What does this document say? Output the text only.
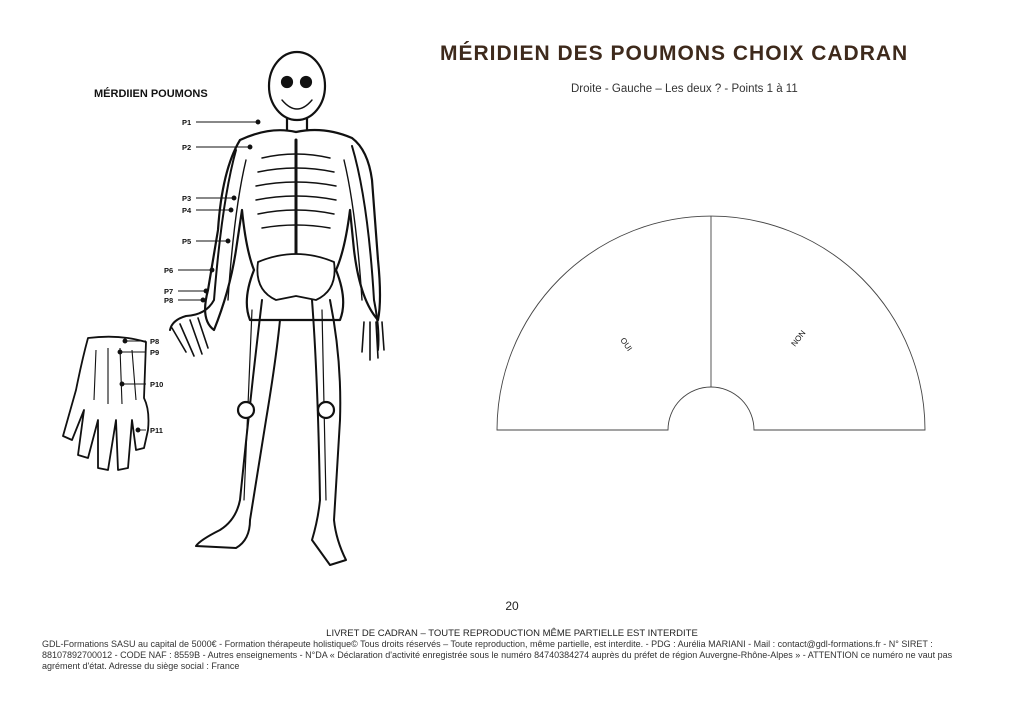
MÉRIDIEN DES POUMONS CHOIX CADRAN
Droite - Gauche – Les deux ? - Points 1 à 11
MÉRDIIEN POUMONS
P1
P2
P3
P4
P5
P6
P7
P8
P8
P9
P10
P11
OUI	NON
20
LIVRET DE CADRAN – TOUTE REPRODUCTION MÊME PARTIELLE EST INTERDITE
GDL-Formations SASU au capital de 5000€ - Formation thérapeute holistique© Tous droits réservés – Toute reproduction, même partielle, est interdite. - PDG : Aurélia MARIANI - Mail : contact@gdl-formations.fr - N° SIRET : 88107892700012 - CODE NAF : 8559B - Autres enseignements - N°DA « Déclaration d'activité enregistrée sous le numéro 84740384274 auprès du préfet de région Auvergne-Rhône-Alpes » - ATTENTION ce numéro ne vaut pas agrément d'état. Adresse du siège social : France
